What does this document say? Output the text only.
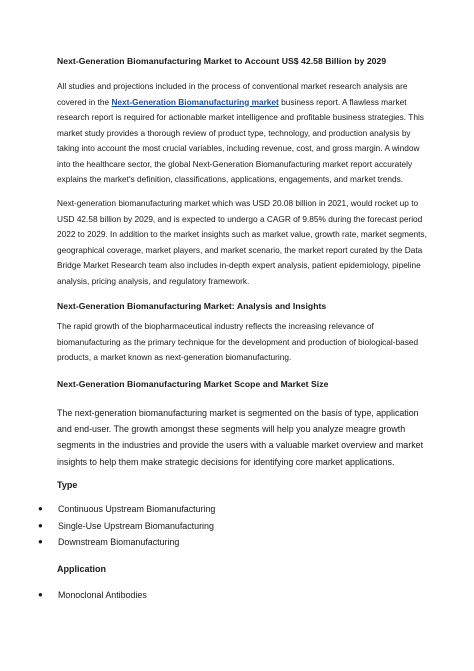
Next-Generation Biomanufacturing Market to Account US$ 42.58 Billion by 2029
All studies and projections included in the process of conventional market research analysis are covered in the Next-Generation Biomanufacturing market business report. A flawless market research report is required for actionable market intelligence and profitable business strategies. This market study provides a thorough review of product type, technology, and production analysis by taking into account the most crucial variables, including revenue, cost, and gross margin. A window into the healthcare sector, the global Next-Generation Biomanufacturing market report accurately explains the market's definition, classifications, applications, engagements, and market trends.
Next-generation biomanufacturing market which was USD 20.08 billion in 2021, would rocket up to USD 42.58 billion by 2029, and is expected to undergo a CAGR of 9.85% during the forecast period 2022 to 2029. In addition to the market insights such as market value, growth rate, market segments, geographical coverage, market players, and market scenario, the market report curated by the Data Bridge Market Research team also includes in-depth expert analysis, patient epidemiology, pipeline analysis, pricing analysis, and regulatory framework.
Next-Generation Biomanufacturing Market: Analysis and Insights
The rapid growth of the biopharmaceutical industry reflects the increasing relevance of biomanufacturing as the primary technique for the development and production of biological-based products, a market known as next-generation biomanufacturing.
Next-Generation Biomanufacturing Market Scope and Market Size
The next-generation biomanufacturing market is segmented on the basis of type, application and end-user. The growth amongst these segments will help you analyze meagre growth segments in the industries and provide the users with a valuable market overview and market insights to help them make strategic decisions for identifying core market applications.
Type
● Continuous Upstream Biomanufacturing
● Single-Use Upstream Biomanufacturing
● Downstream Biomanufacturing
Application
● Monoclonal Antibodies
